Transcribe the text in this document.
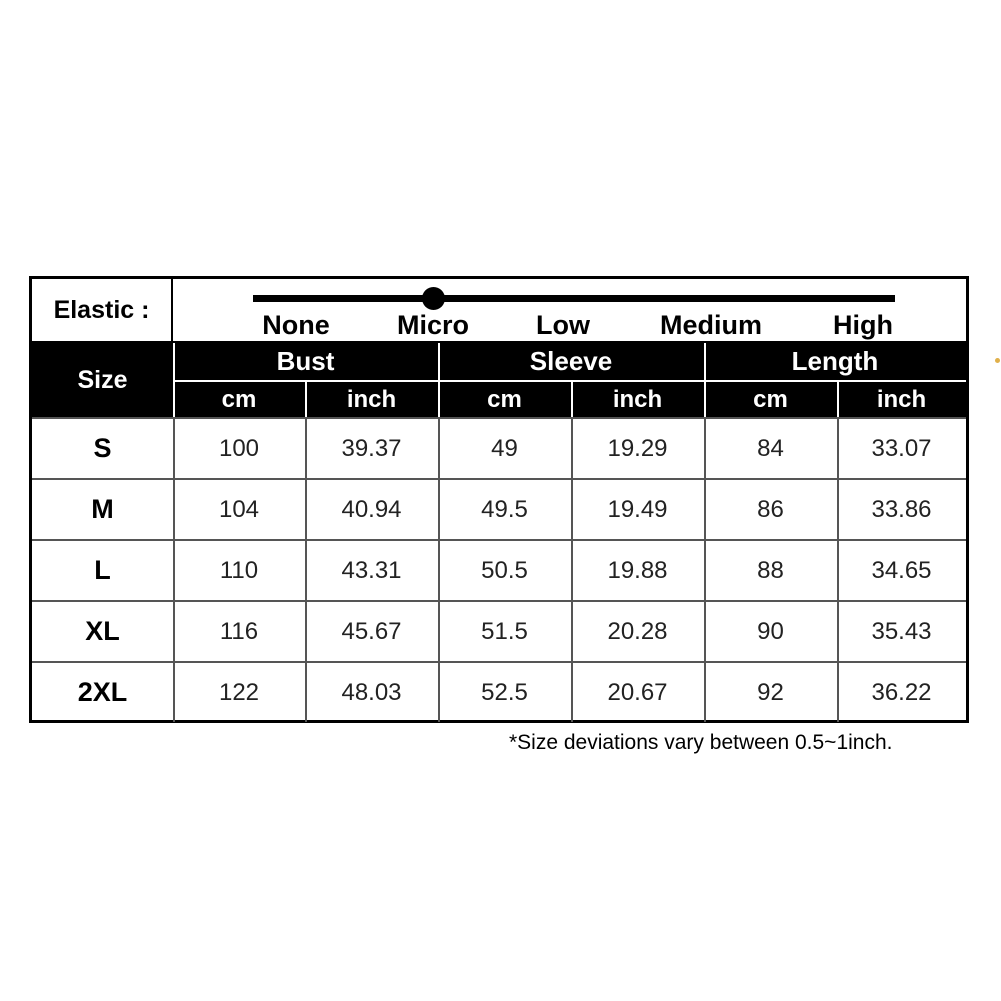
Elastic :	None Micro Low	Medium	High
Size
Bust	Sleeve	Length
cm	inch	cm	inch	cm	inch
S	100	39.37	49	19.29	84	33.07
M	104	40.94	49.5	19.49	86	33.86
L	110	43.31	50.5	19.88	88	34.65
XL	116	45.67	51.5	20.28	90	35.43
2XL	122	48.03	52.5	20.67	92	36.22
*Size deviations vary between 0.5~1inch.
